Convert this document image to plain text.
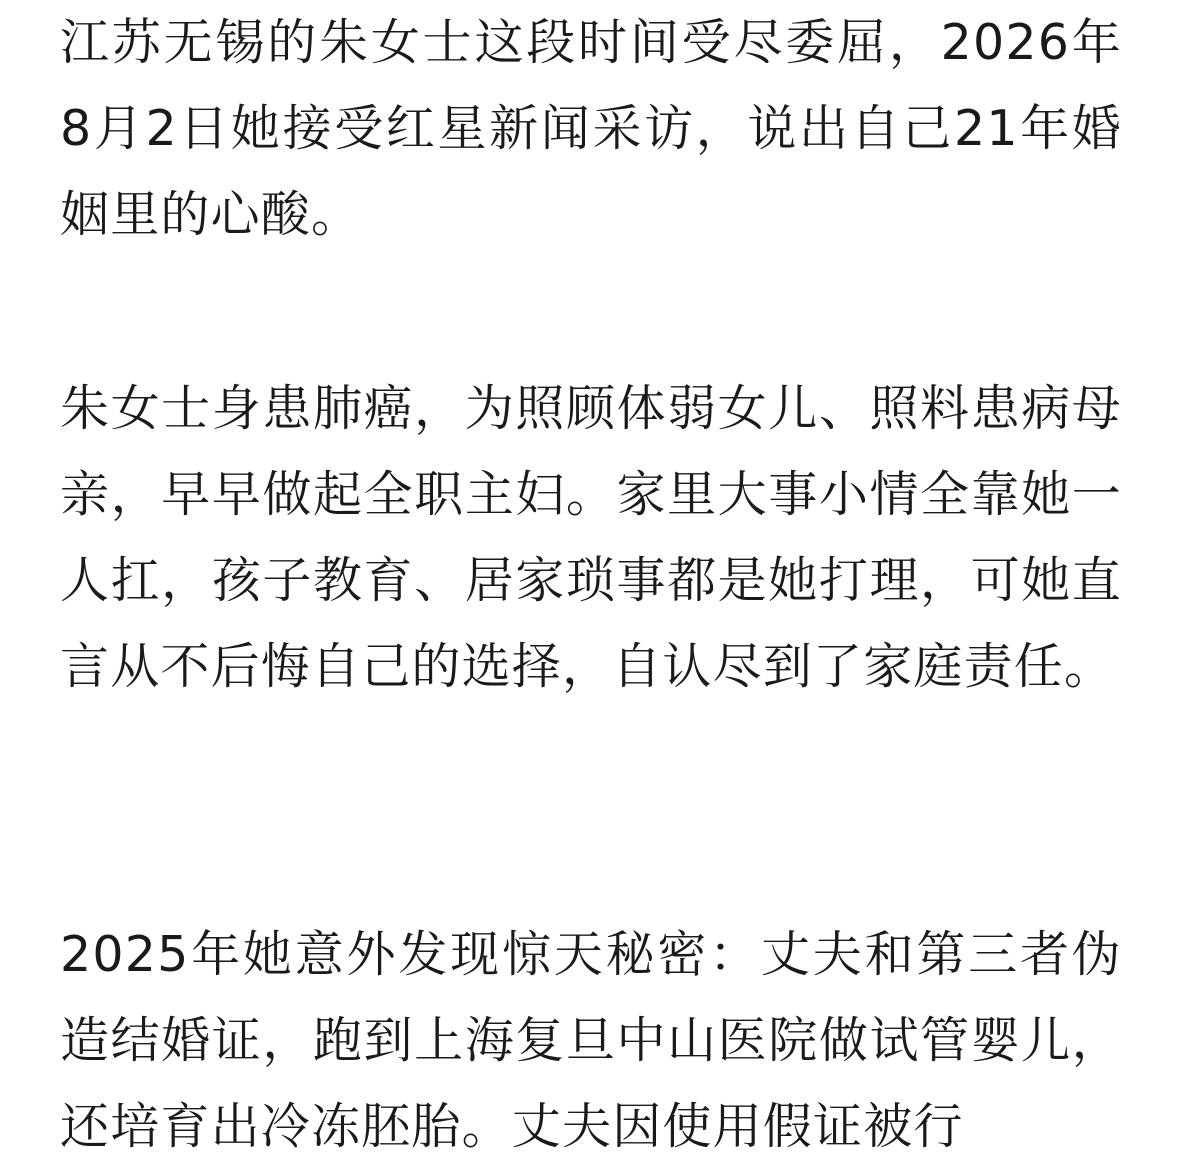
江苏无锡的朱女士这段时间受尽委屈，2026年8月2日她接受红星新闻采访，说出自己21年婚姻里的心酸。

朱女士身患肺癌，为照顾体弱女儿、照料患病母亲，早早做起全职主妇。家里大事小情全靠她一人扛，孩子教育、居家琐事都是她打理，可她直言从不后悔自己的选择，自认尽到了家庭责任。

2025年她意外发现惊天秘密：丈夫和第三者伪造结婚证，跑到上海复旦中山医院做试管婴儿，还培育出冷冻胚胎。丈夫因使用假证被行
